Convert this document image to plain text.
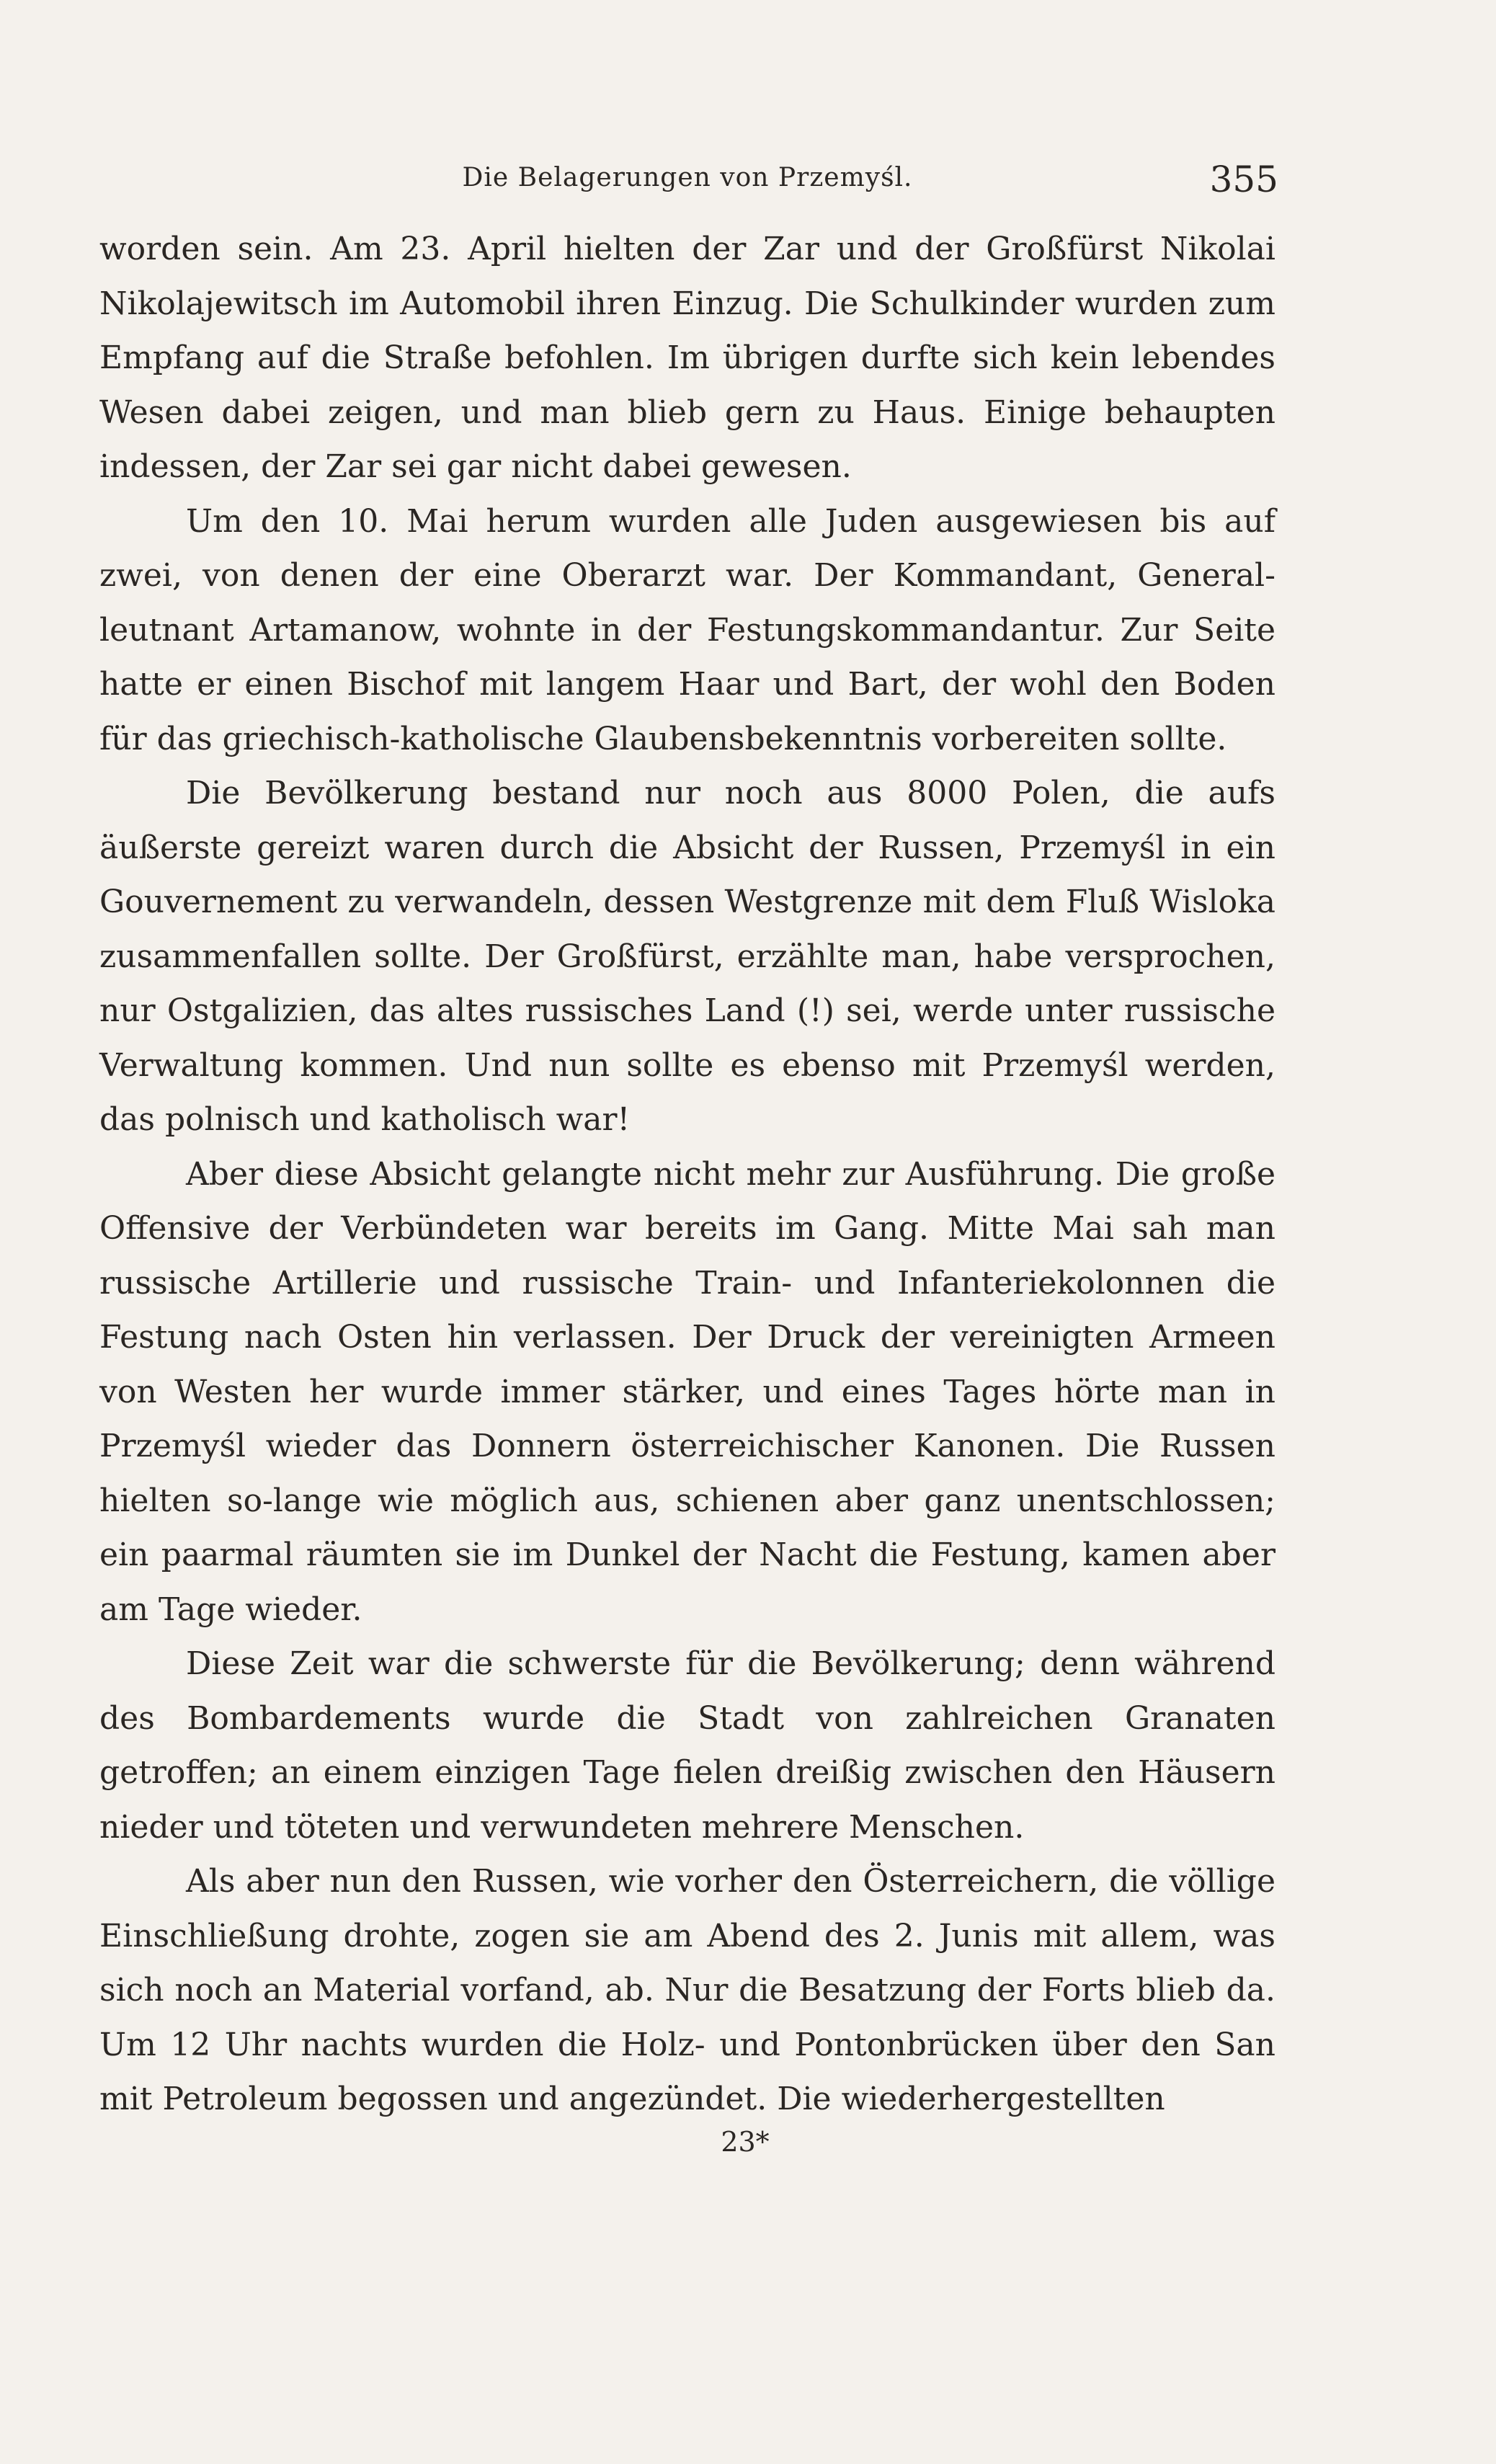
Die Belagerungen von Przemyśl.	355

worden sein. Am 23. April hielten der Zar und der Großfürst Nikolai Nikolajewitsch im Automobil ihren Einzug. Die Schulkinder wurden zum Empfang auf die Straße befohlen. Im übrigen durfte sich kein lebendes Wesen dabei zeigen, und man blieb gern zu Haus. Einige behaupten indessen, der Zar sei gar nicht dabei gewesen.

Um den 10. Mai herum wurden alle Juden ausgewiesen bis auf zwei, von denen der eine Oberarzt war. Der Kommandant, General-leutnant Artamanow, wohnte in der Festungskommandantur. Zur Seite hatte er einen Bischof mit langem Haar und Bart, der wohl den Boden für das griechisch-katholische Glaubensbekenntnis vorbereiten sollte.

Die Bevölkerung bestand nur noch aus 8000 Polen, die aufs äußerste gereizt waren durch die Absicht der Russen, Przemyśl in ein Gouvernement zu verwandeln, dessen Westgrenze mit dem Fluß Wisloka zusammenfallen sollte. Der Großfürst, erzählte man, habe versprochen, nur Ostgalizien, das altes russisches Land (!) sei, werde unter russische Verwaltung kommen. Und nun sollte es ebenso mit Przemyśl werden, das polnisch und katholisch war!

Aber diese Absicht gelangte nicht mehr zur Ausführung. Die große Offensive der Verbündeten war bereits im Gang. Mitte Mai sah man russische Artillerie und russische Train- und Infanteriekolonnen die Festung nach Osten hin verlassen. Der Druck der vereinigten Armeen von Westen her wurde immer stärker, und eines Tages hörte man in Przemyśl wieder das Donnern österreichischer Kanonen. Die Russen hielten so-lange wie möglich aus, schienen aber ganz unentschlossen; ein paarmal räumten sie im Dunkel der Nacht die Festung, kamen aber am Tage wieder.

Diese Zeit war die schwerste für die Bevölkerung; denn während des Bombardements wurde die Stadt von zahlreichen Granaten getroffen; an einem einzigen Tage fielen dreißig zwischen den Häusern nieder und töteten und verwundeten mehrere Menschen.

Als aber nun den Russen, wie vorher den Österreichern, die völlige Einschließung drohte, zogen sie am Abend des 2. Junis mit allem, was sich noch an Material vorfand, ab. Nur die Besatzung der Forts blieb da. Um 12 Uhr nachts wurden die Holz- und Pontonbrücken über den San mit Petroleum begossen und angezündet. Die wiederhergestellten

23*
